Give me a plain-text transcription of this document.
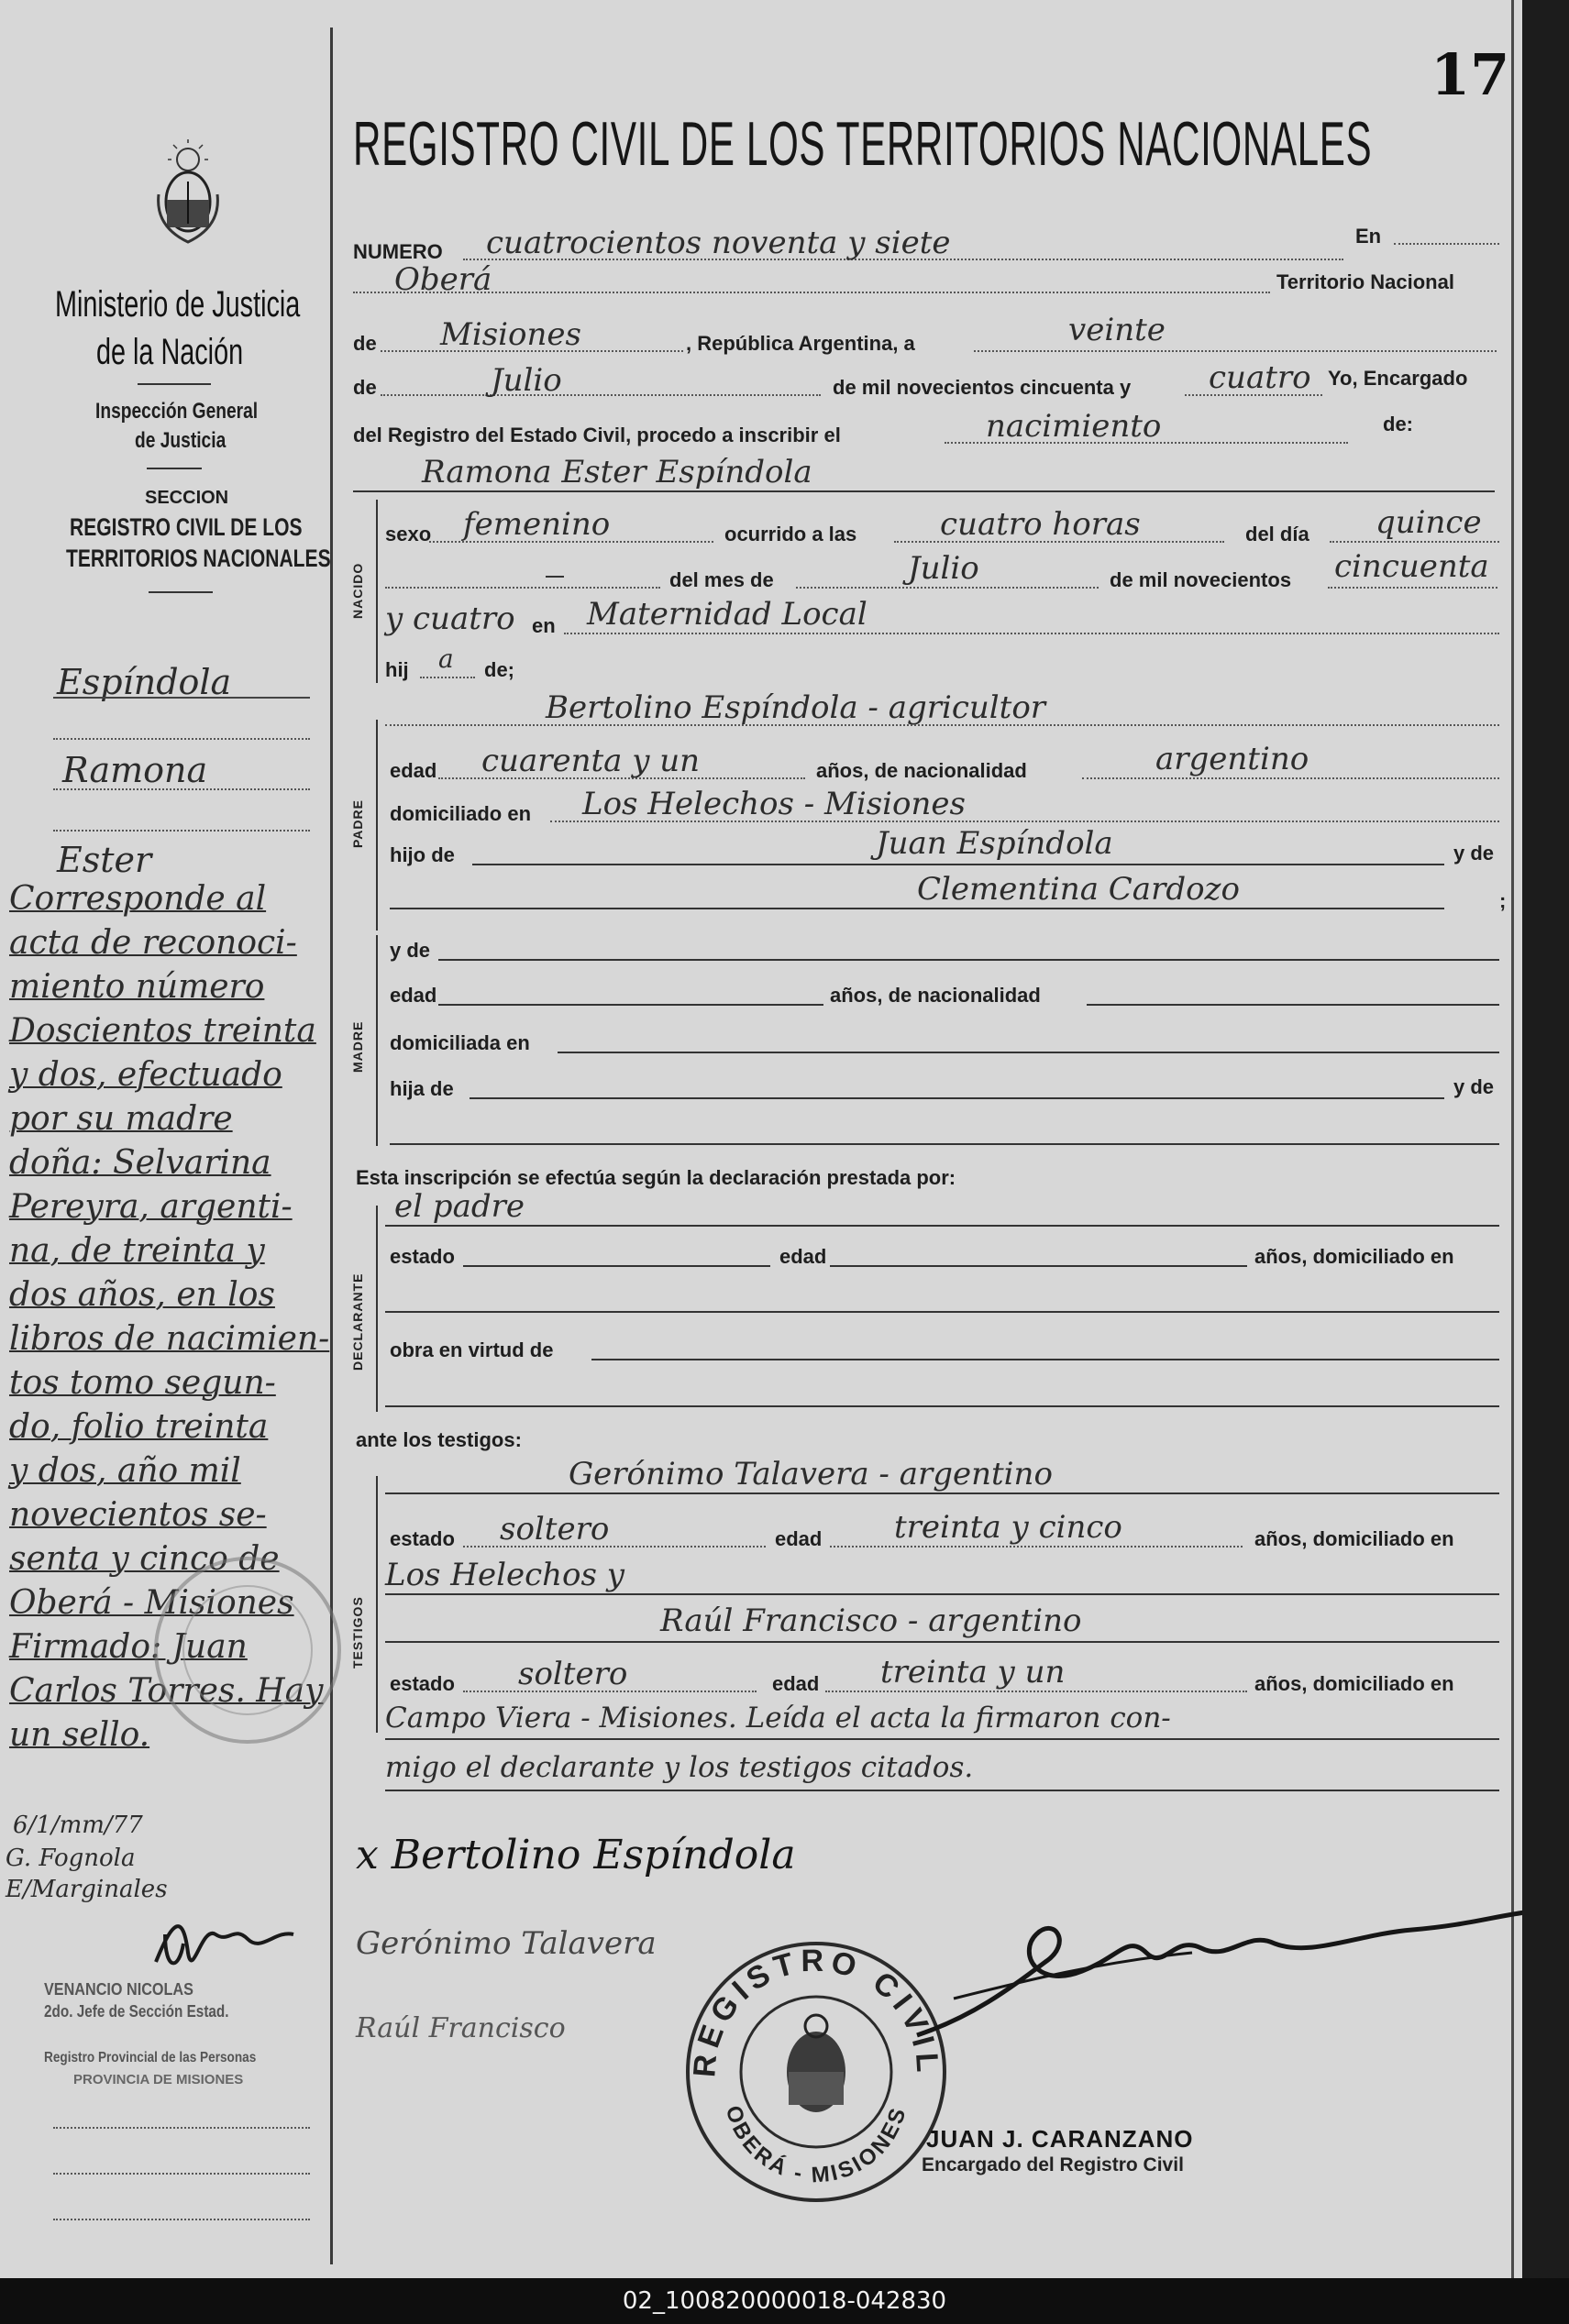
17
REGISTRO CIVIL DE LOS TERRITORIOS NACIONALES
Ministerio de Justicia
de la Nación
Inspección General
de Justicia
SECCION
REGISTRO CIVIL DE LOS
TERRITORIOS NACIONALES
Espíndola
Ramona
Ester
Corresponde al
acta de reconoci-
miento número
Doscientos treinta
y dos, efectuado
por su madre
doña: Selvarina
Pereyra, argenti-
na, de treinta y
dos años, en los
libros de nacimien-
tos tomo segun-
do, folio treinta
y dos, año mil
novecientos se-
senta y cinco de
Oberá - Misiones
Firmado: Juan
Carlos Torres. Hay
un sello.
6/1/mm/77
G. Fognola
E/Marginales
VENANCIO NICOLAS
2do. Jefe de Sección Estad.
Registro Provincial de las Personas
PROVINCIA DE MISIONES
NUMERO cuatrocientos noventa y siete	En
Oberá	Territorio Nacional
de Misiones	, República Argentina, a	veinte
de	Julio	de mil novecientos cincuenta y cuatro Yo, Encargado
del Registro del Estado Civil, procedo a inscribir el	nacimiento	de:
Ramona Ester Espíndola
NACIDO
sexo femenino	ocurrido a las	cuatro horas	del día quince
del mes de	Julio	de mil novecientos cincuenta
y cuatro en Maternidad Local
hij a de;
Bertolino Espíndola - agricultor
PADRE
edad cuarenta y un	años, de nacionalidad	argentino
domiciliado en Los Helechos - Misiones
hijo de	Juan Espíndola	y de
Clementina Cardozo	;
MADRE
y de
edad	años, de nacionalidad
domiciliada en
hija de	y de
Esta inscripción se efectúa según la declaración prestada por:
el padre
DECLARANTE
estado	edad	años, domiciliado en
obra en virtud de
ante los testigos:
Gerónimo Talavera - argentino
TESTIGOS
estado soltero	edad treinta y cinco	años, domiciliado en
Los Helechos y
Raúl Francisco - argentino
estado soltero	edad treinta y un	años, domiciliado en
Campo Viera - Misiones. Leída el acta la firmaron con-
migo el declarante y los testigos citados.
x Bertolino Espíndola
Gerónimo Talavera
Raúl Francisco
REGISTRO CIVIL
OBERÁ - MISIONES
JUAN J. CARANZANO
Encargado del Registro Civil
02_100820000018-042830
